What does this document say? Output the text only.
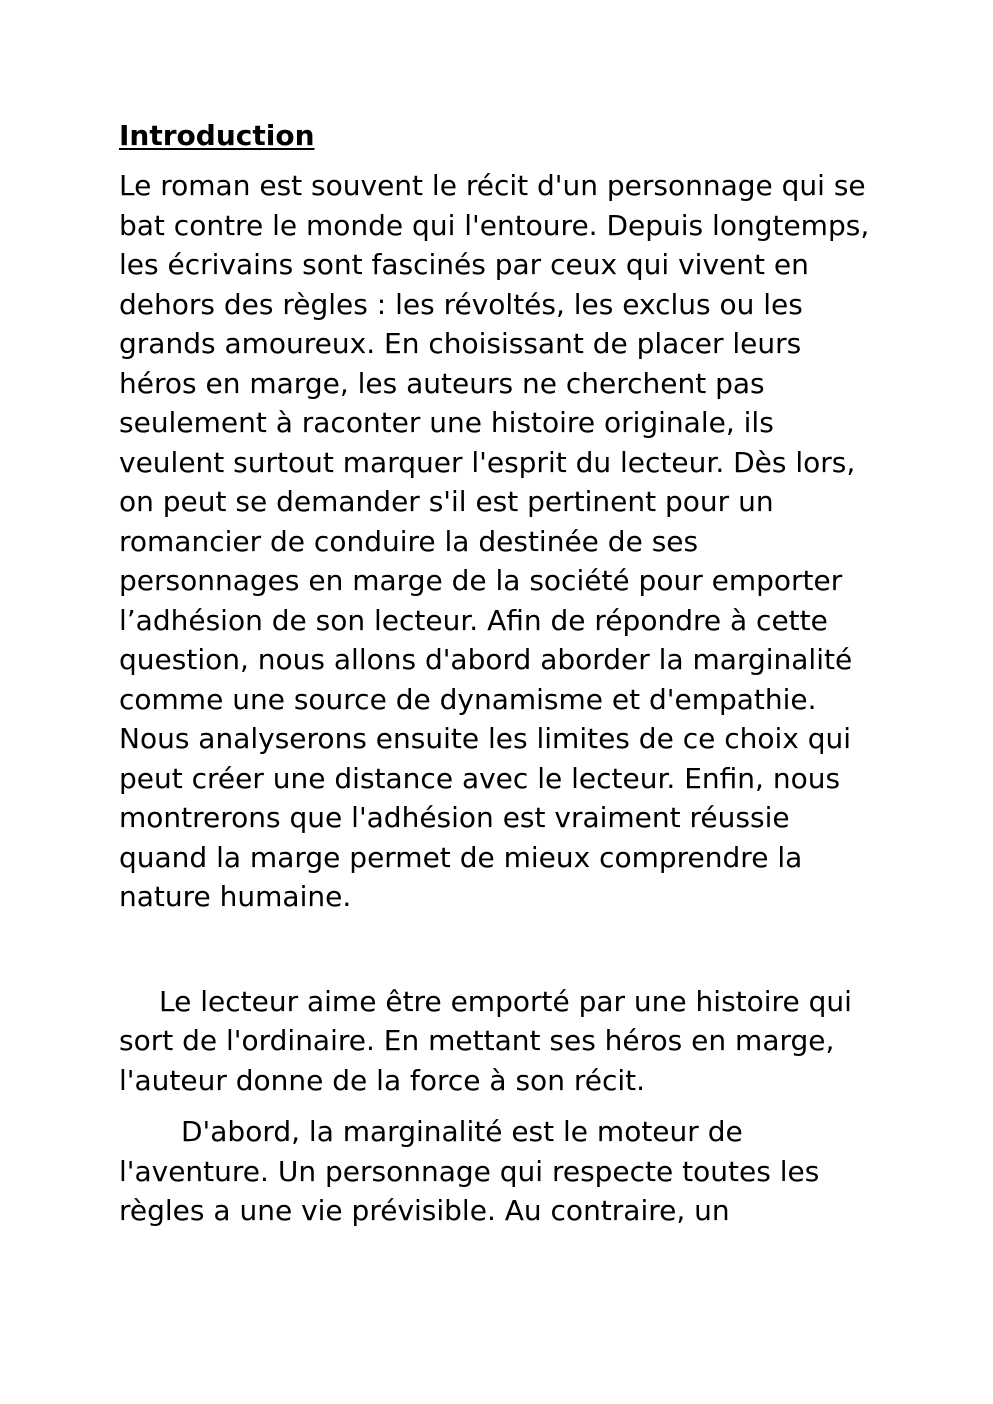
Introduction

Le roman est souvent le récit d'un personnage qui se bat contre le monde qui l'entoure. Depuis longtemps, les écrivains sont fascinés par ceux qui vivent en dehors des règles : les révoltés, les exclus ou les grands amoureux. En choisissant de placer leurs héros en marge, les auteurs ne cherchent pas seulement à raconter une histoire originale, ils veulent surtout marquer l'esprit du lecteur. Dès lors, on peut se demander s'il est pertinent pour un romancier de conduire la destinée de ses personnages en marge de la société pour emporter l’adhésion de son lecteur. Afin de répondre à cette question, nous allons d'abord aborder la marginalité comme une source de dynamisme et d'empathie. Nous analyserons ensuite les limites de ce choix qui peut créer une distance avec le lecteur. Enfin, nous montrerons que l'adhésion est vraiment réussie quand la marge permet de mieux comprendre la nature humaine.

Le lecteur aime être emporté par une histoire qui sort de l'ordinaire. En mettant ses héros en marge, l'auteur donne de la force à son récit.

D'abord, la marginalité est le moteur de l'aventure. Un personnage qui respecte toutes les règles a une vie prévisible. Au contraire, un
